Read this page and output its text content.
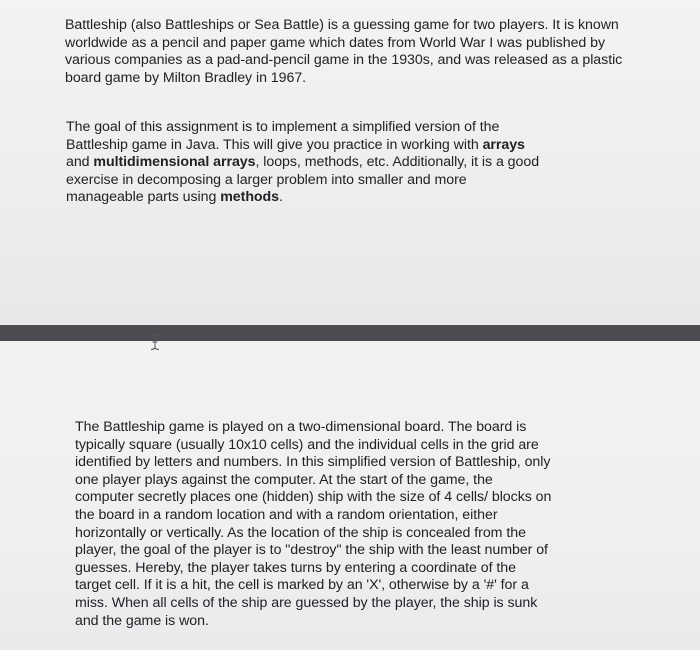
Battleship (also Battleships or Sea Battle) is a guessing game for two players. It is known
worldwide as a pencil and paper game which dates from World War I was published by
various companies as a pad-and-pencil game in the 1930s, and was released as a plastic
board game by Milton Bradley in 1967.

The goal of this assignment is to implement a simplified version of the
Battleship game in Java. This will give you practice in working with arrays
and multidimensional arrays, loops, methods, etc. Additionally, it is a good
exercise in decomposing a larger problem into smaller and more
manageable parts using methods.

The Battleship game is played on a two-dimensional board. The board is
typically square (usually 10x10 cells) and the individual cells in the grid are
identified by letters and numbers. In this simplified version of Battleship, only
one player plays against the computer. At the start of the game, the
computer secretly places one (hidden) ship with the size of 4 cells/ blocks on
the board in a random location and with a random orientation, either
horizontally or vertically. As the location of the ship is concealed from the
player, the goal of the player is to "destroy" the ship with the least number of
guesses. Hereby, the player takes turns by entering a coordinate of the
target cell. If it is a hit, the cell is marked by an 'X', otherwise by a '#' for a
miss. When all cells of the ship are guessed by the player, the ship is sunk
and the game is won.
